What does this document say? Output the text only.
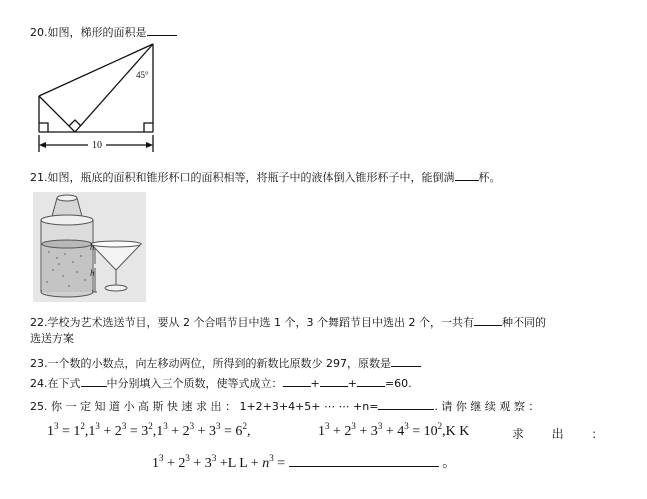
20.如图，梯形的面积是
10
45°
21.如图，瓶底的面积和锥形杯口的面积相等，将瓶子中的液体倒入锥形杯子中，能倒满 杯。
h
h
22.学校为艺术选送节目，要从 2 个合唱节目中选 1 个，3 个舞蹈节目中选出 2 个，一共有	种不同的
选送方案
23.一个数的小数点，向左移动两位，所得到的新数比原数少 297，原数是
24.在下式 中分别填入三个质数，使等式成立：	+	+	=60.
25. 你 一 定 知 道 小 高 斯 快 速 求 出 ： 1+2+3+4+5+ ⋯ ⋯ +n=	. 请 你 继 续 观 察 ：
$1^3 = 1^2,1^3 + 2^3 = 3^2,1^3 + 2^3 + 3^3 = 6^2$,	$1^3 + 2^3 + 3^3 + 4^3 = 10^2,K$ K	求 出 ：
$1^3 + 2^3 + 3^3 +L$ $L + n^3$ =	。
